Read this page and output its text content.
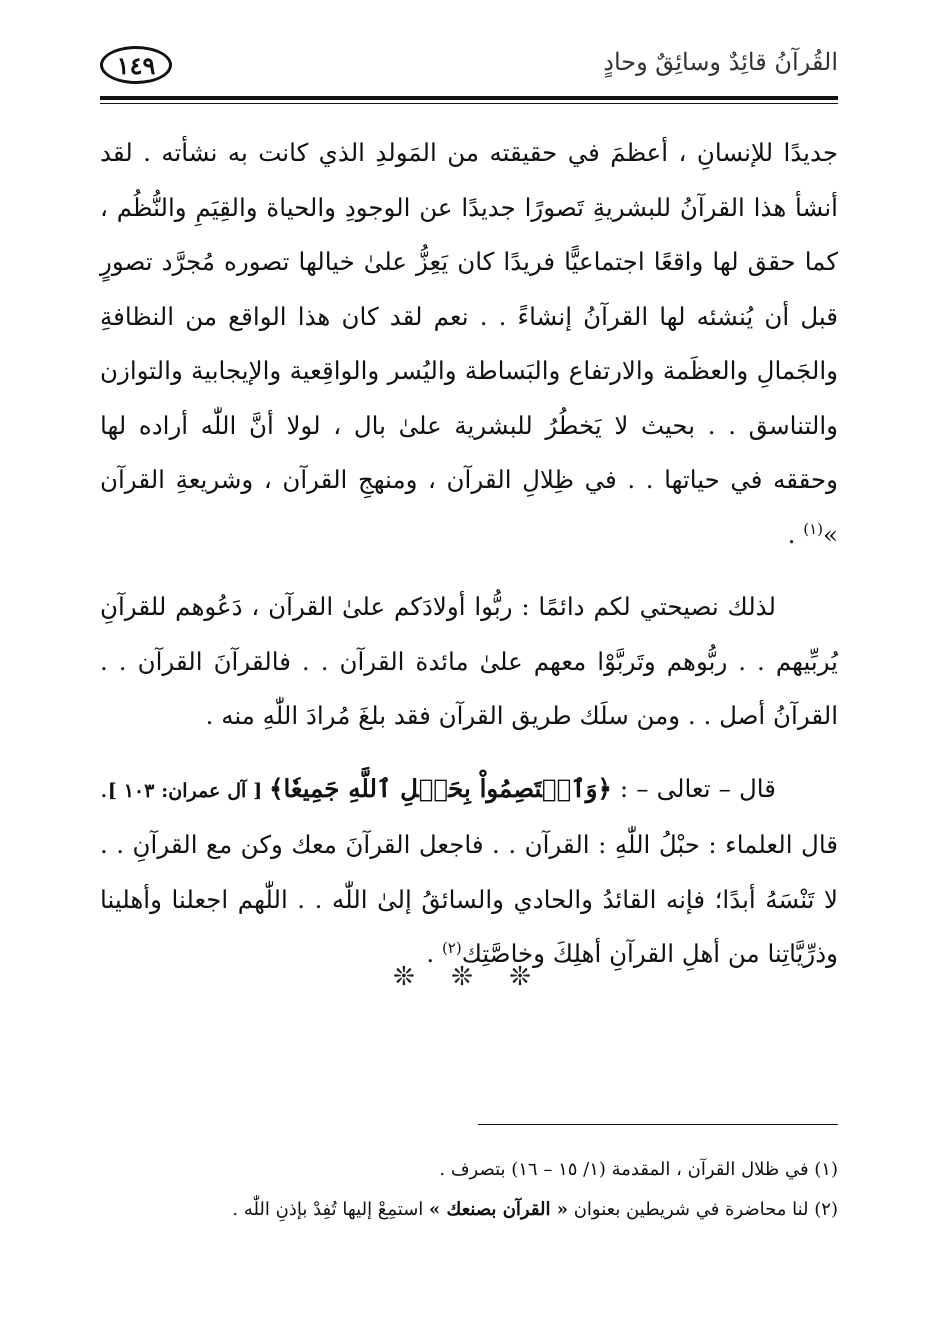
القُرآنُ قائِدٌ وسائِقٌ وحادٍ
١٤٩

جديدًا للإنسانِ ، أعظمَ في حقيقته من المَولدِ الذي كانت به نشأته . لقد أنشأ هذا القرآنُ للبشريةِ تَصورًا جديدًا عن الوجودِ والحياة والقِيَمِ والنُّظُم ، كما حقق لها واقعًا اجتماعيًّا فريدًا كان يَعِزُّ علىٰ خيالها تصوره مُجرَّد تصورٍ قبل أن يُنشئه لها القرآنُ إنشاءً . . نعم لقد كان هذا الواقع من النظافةِ والجَمالِ والعظَمة والارتفاع والبَساطة واليُسر والواقِعية والإيجابية والتوازن والتناسق . . بحيث لا يَخطُرُ للبشرية علىٰ بال ، لولا أنَّ اللّٰه أراده لها وحققه في حياتها . . في ظِلالِ القرآن ، ومنهجِ القرآن ، وشريعةِ القرآن »$^{(١)}$ .

لذلك نصيحتي لكم دائمًا : ربُّوا أولادَكم علىٰ القرآن ، دَعُوهم للقرآنِ يُربِّيهم . . ربُّوهم وتَربَّوْا معهم علىٰ مائدة القرآن . . فالقرآنَ القرآن . . القرآنُ أصل . . ومن سلَك طريق القرآن فقد بلغَ مُرادَ اللّٰهِ منه .

قال – تعالى – : ﴿وَٱعۡتَصِمُواْ بِحَبۡلِ ٱللَّهِ جَمِيعٗا﴾ [ آل عمران: ١٠٣ ]. قال العلماء : حبْلُ اللّٰهِ : القرآن . . فاجعل القرآنَ معك وكن مع القرآنِ . . لا تَنْسَهُ أبدًا؛ فإنه القائدُ والحادي والسائقُ إلىٰ اللّٰه . . اللّٰهم اجعلنا وأهلينا وذرِّيَّاتِنا من أهلِ القرآنِ أهلِكَ وخاصَّتِك$^{(٢)}$ .

❊ ❊ ❊

(١) في ظلال القرآن ، المقدمة (١/ ١٥ – ١٦) بتصرف .

(٢) لنا محاضرة في شريطين بعنوان « القرآن بصنعك » استمِعْ إليها تُفِدْ بإذنِ اللّٰه .
